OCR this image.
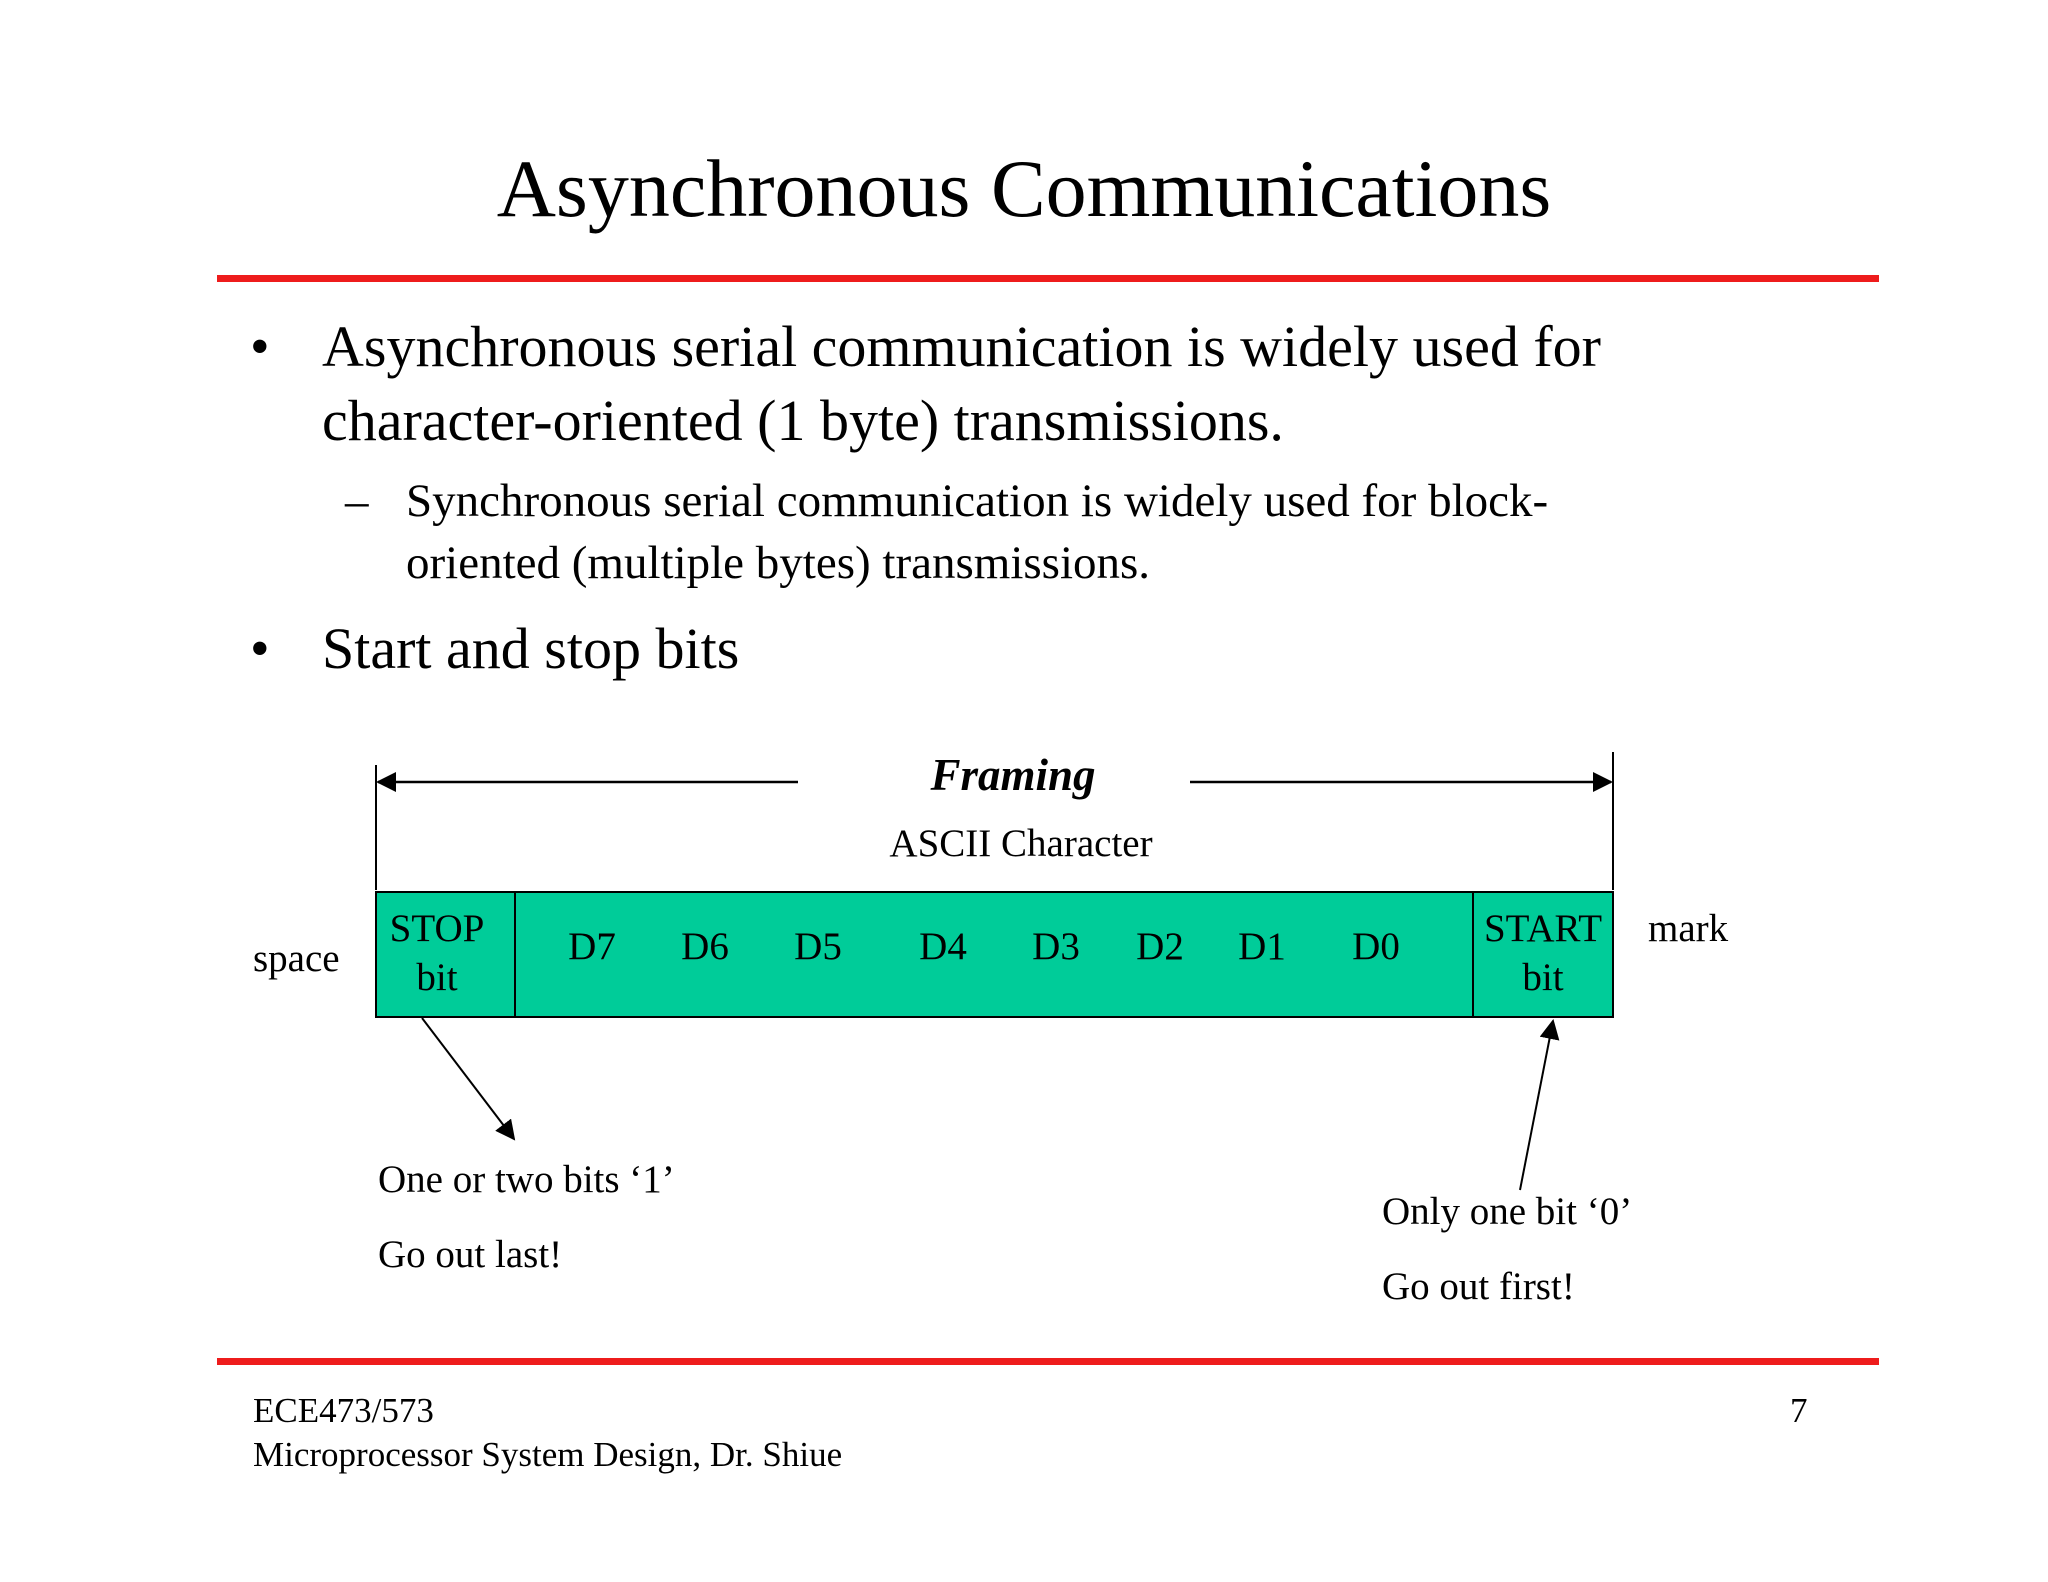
Asynchronous Communications
• Asynchronous serial communication is widely used for
character-oriented (1 byte) transmissions.
– Synchronous serial communication is widely used for block-
oriented (multiple bytes) transmissions.
• Start and stop bits
Framing
ASCII Character
STOP
bit
D7 D6 D5 D4 D3 D2 D1 D0 START
bit
space
mark
One or two bits ‘1’
Go out last!
Only one bit ‘0’
Go out first!
ECE473/573
Microprocessor System Design, Dr. Shiue
7
